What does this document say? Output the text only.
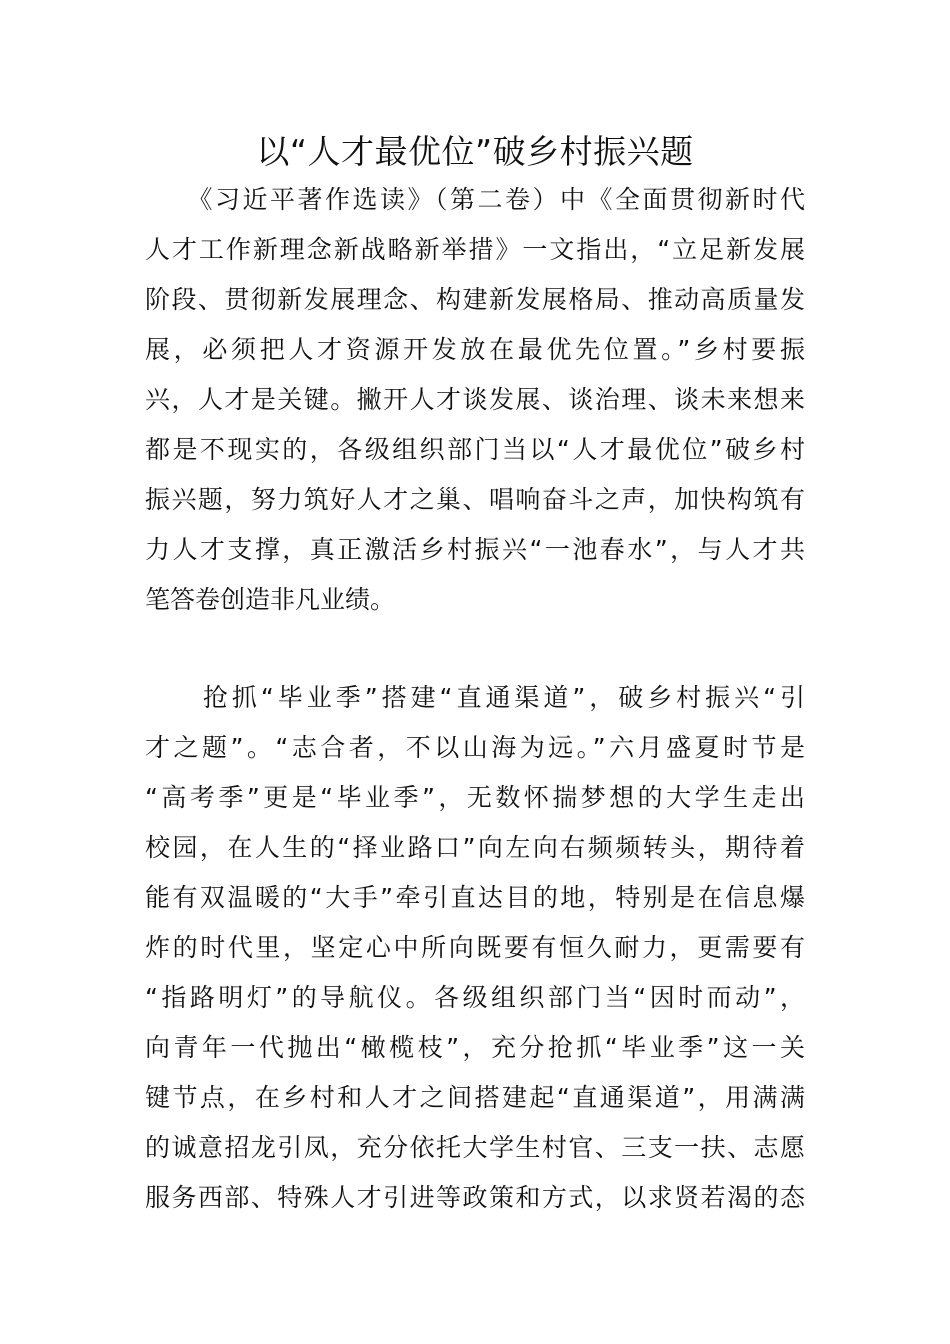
以“人才最优位”破乡村振兴题
　　《习近平著作选读》（第二卷）中《全面贯彻新时代
人才工作新理念新战略新举措》一文指出，“立足新发展
阶段、贯彻新发展理念、构建新发展格局、推动高质量发
展，必须把人才资源开发放在最优先位置。”乡村要振
兴，人才是关键。撇开人才谈发展、谈治理、谈未来想来
都是不现实的，各级组织部门当以“人才最优位”破乡村
振兴题，努力筑好人才之巢、唱响奋斗之声，加快构筑有
力人才支撑，真正激活乡村振兴“一池春水”，与人才共
笔答卷创造非凡业绩。
　　抢抓“毕业季”搭建“直通渠道”，破乡村振兴“引
才之题”。“志合者，不以山海为远。”六月盛夏时节是
“高考季”更是“毕业季”，无数怀揣梦想的大学生走出
校园，在人生的“择业路口”向左向右频频转头，期待着
能有双温暖的“大手”牵引直达目的地，特别是在信息爆
炸的时代里，坚定心中所向既要有恒久耐力，更需要有
“指路明灯”的导航仪。各级组织部门当“因时而动”，
向青年一代抛出“橄榄枝”，充分抢抓“毕业季”这一关
键节点，在乡村和人才之间搭建起“直通渠道”，用满满
的诚意招龙引凤，充分依托大学生村官、三支一扶、志愿
服务西部、特殊人才引进等政策和方式，以求贤若渴的态
